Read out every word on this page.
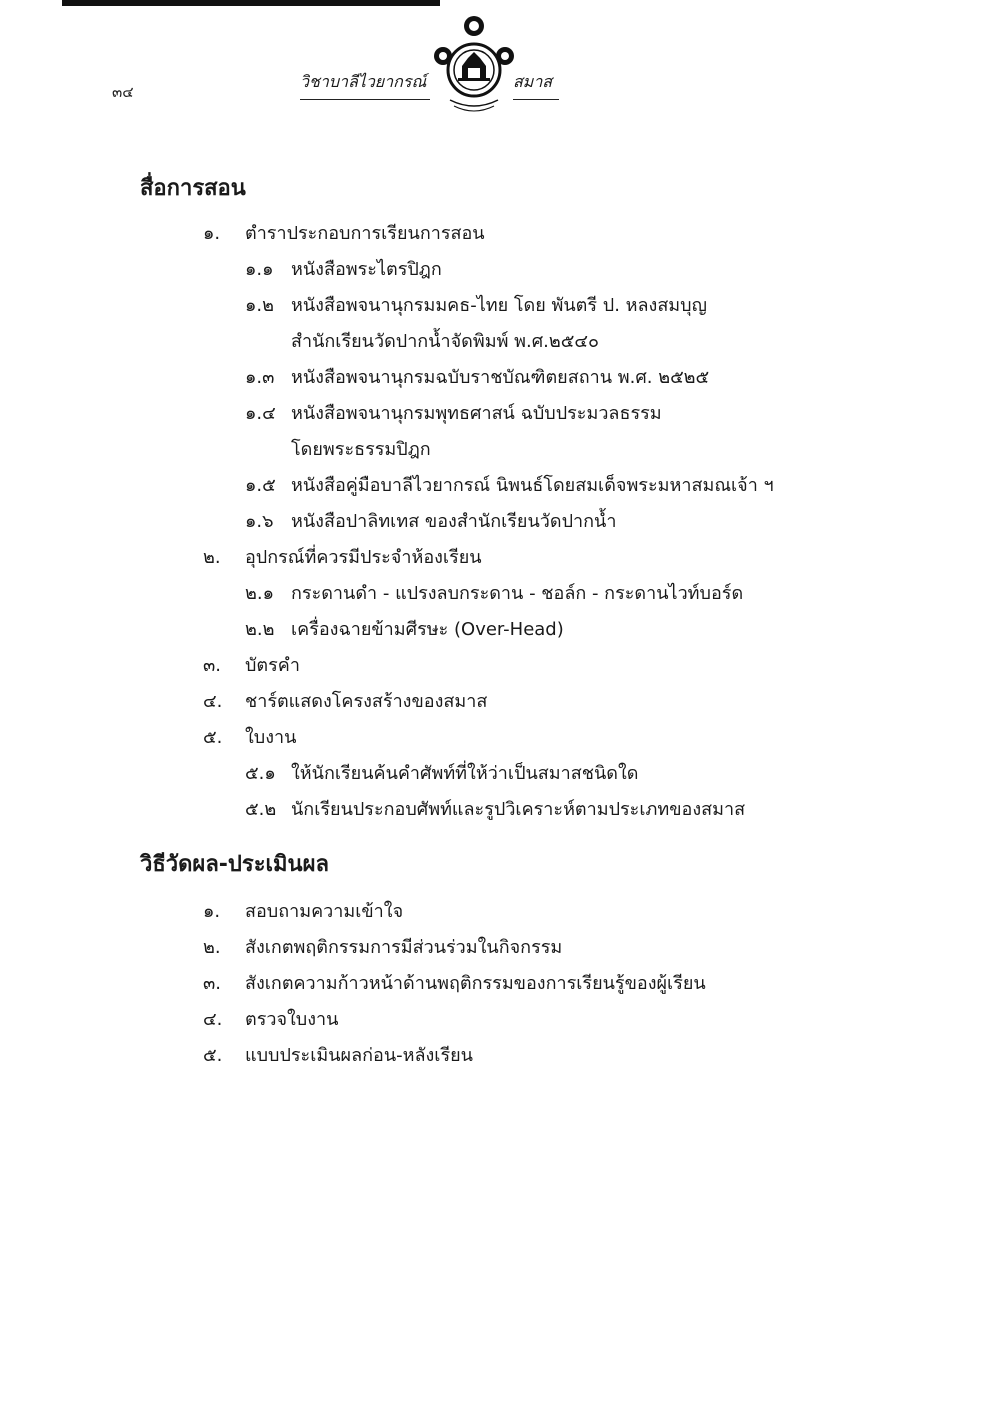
๓๔
วิชาบาลีไวยากรณ์	สมาส
สื่อการสอน
๑. ตำราประกอบการเรียนการสอน
๑.๑ หนังสือพระไตรปิฎก
๑.๒ หนังสือพจนานุกรมมคธ-ไทย โดย พันตรี ป. หลงสมบุญ
สำนักเรียนวัดปากน้ำจัดพิมพ์ พ.ศ.๒๕๔๐
๑.๓ หนังสือพจนานุกรมฉบับราชบัณฑิตยสถาน พ.ศ. ๒๕๒๕
๑.๔ หนังสือพจนานุกรมพุทธศาสน์ ฉบับประมวลธรรม
โดยพระธรรมปิฎก
๑.๕ หนังสือคู่มือบาลีไวยากรณ์ นิพนธ์โดยสมเด็จพระมหาสมณเจ้า ฯ
๑.๖ หนังสือปาลิทเทส ของสำนักเรียนวัดปากน้ำ
๒. อุปกรณ์ที่ควรมีประจำห้องเรียน
๒.๑ กระดานดำ - แปรงลบกระดาน - ชอล์ก - กระดานไวท์บอร์ด
๒.๒ เครื่องฉายข้ามศีรษะ (Over-Head)
๓. บัตรคำ
๔. ชาร์ตแสดงโครงสร้างของสมาส
๕. ใบงาน
๕.๑ ให้นักเรียนค้นคำศัพท์ที่ให้ว่าเป็นสมาสชนิดใด
๕.๒ นักเรียนประกอบศัพท์และรูปวิเคราะห์ตามประเภทของสมาส
วิธีวัดผล-ประเมินผล
๑. สอบถามความเข้าใจ
๒. สังเกตพฤติกรรมการมีส่วนร่วมในกิจกรรม
๓. สังเกตความก้าวหน้าด้านพฤติกรรมของการเรียนรู้ของผู้เรียน
๔. ตรวจใบงาน
๕. แบบประเมินผลก่อน-หลังเรียน
